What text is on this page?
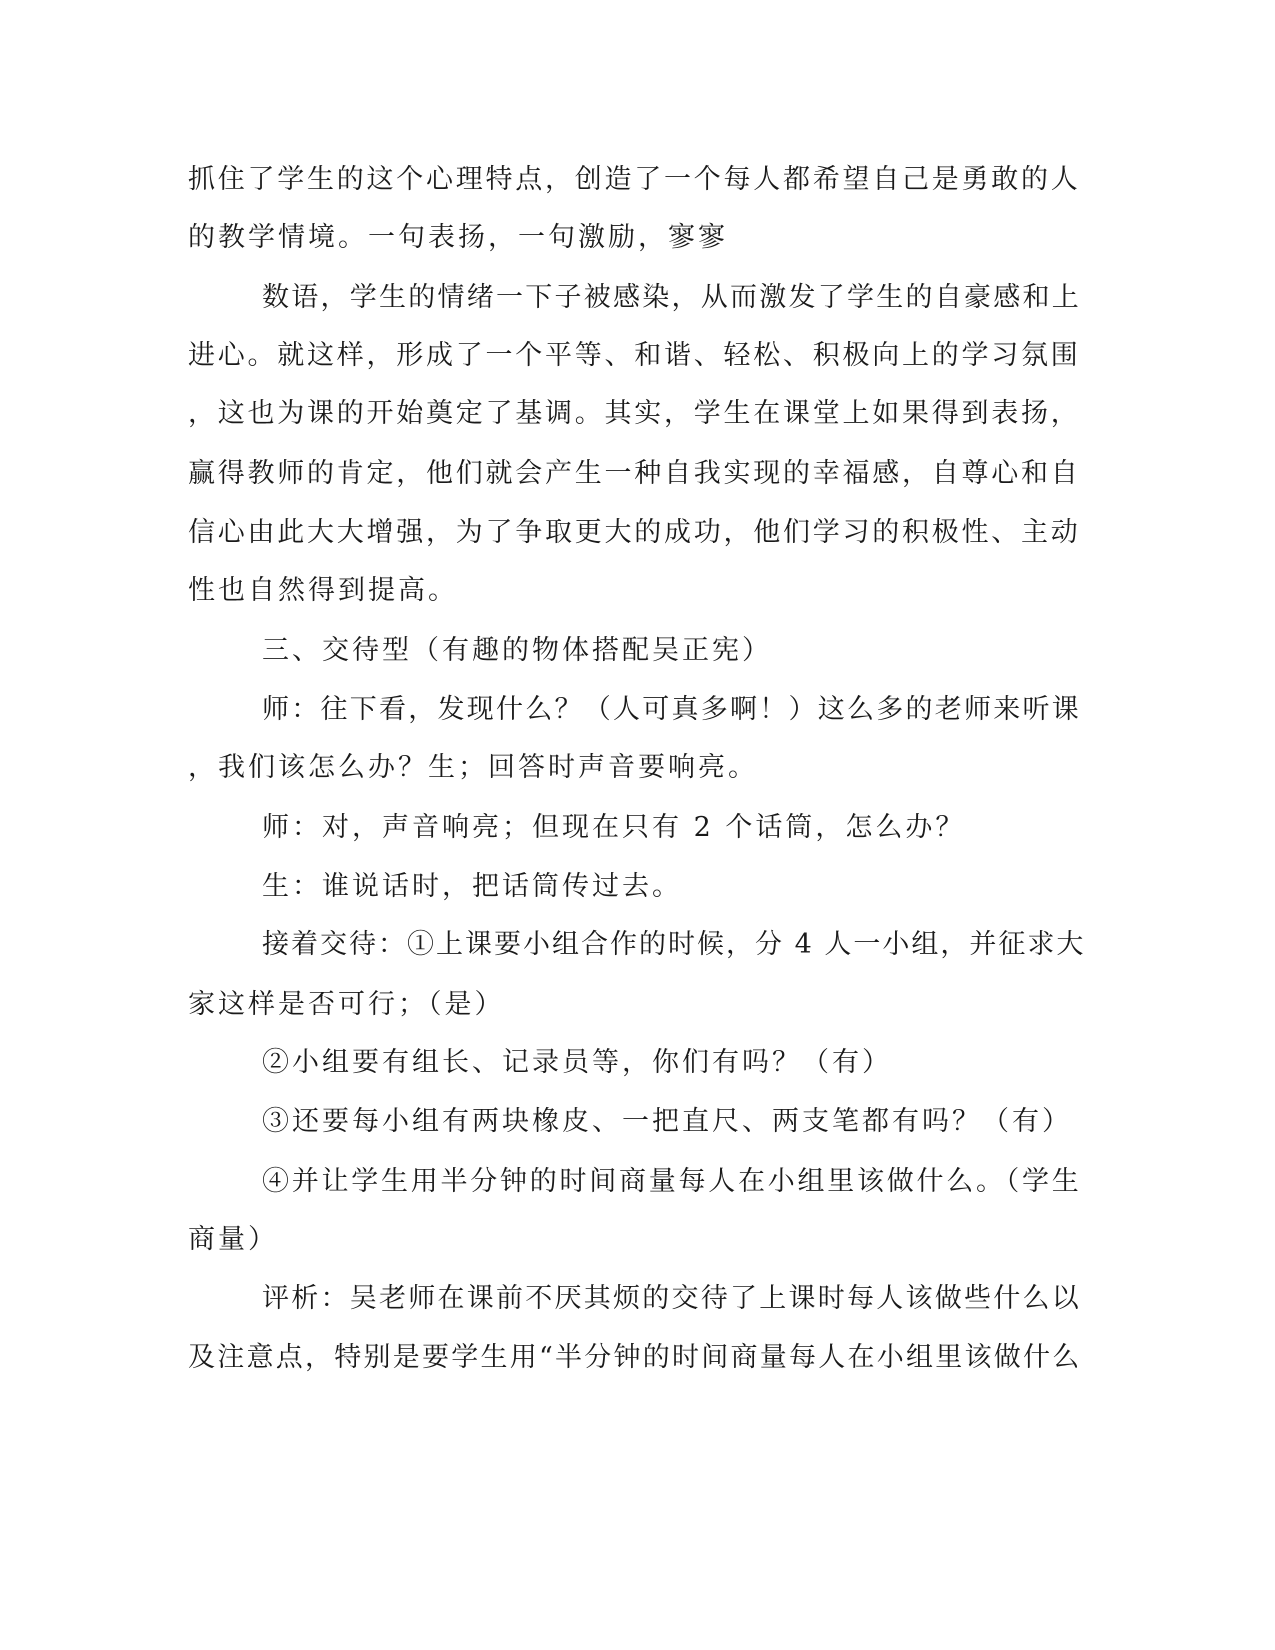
抓住了学生的这个心理特点，创造了一个每人都希望自己是勇敢的人
的教学情境。一句表扬，一句激励，寥寥
数语，学生的情绪一下子被感染，从而激发了学生的自豪感和上
进心。就这样，形成了一个平等、和谐、轻松、积极向上的学习氛围
，这也为课的开始奠定了基调。其实，学生在课堂上如果得到表扬，
赢得教师的肯定，他们就会产生一种自我实现的幸福感，自尊心和自
信心由此大大增强，为了争取更大的成功，他们学习的积极性、主动
性也自然得到提高。
三、交待型（有趣的物体搭配吴正宪）
师：往下看，发现什么？（人可真多啊！）这么多的老师来听课
，我们该怎么办？生；回答时声音要响亮。
师：对，声音响亮；但现在只有 2 个话筒，怎么办？
生：谁说话时，把话筒传过去。
接着交待：①上课要小组合作的时候，分 4 人一小组，并征求大
家这样是否可行；（是）
②小组要有组长、记录员等，你们有吗？（有）
③还要每小组有两块橡皮、一把直尺、两支笔都有吗？（有）
④并让学生用半分钟的时间商量每人在小组里该做什么。（学生
商量）
评析：吴老师在课前不厌其烦的交待了上课时每人该做些什么以
及注意点，特别是要学生用“半分钟的时间商量每人在小组里该做什么
